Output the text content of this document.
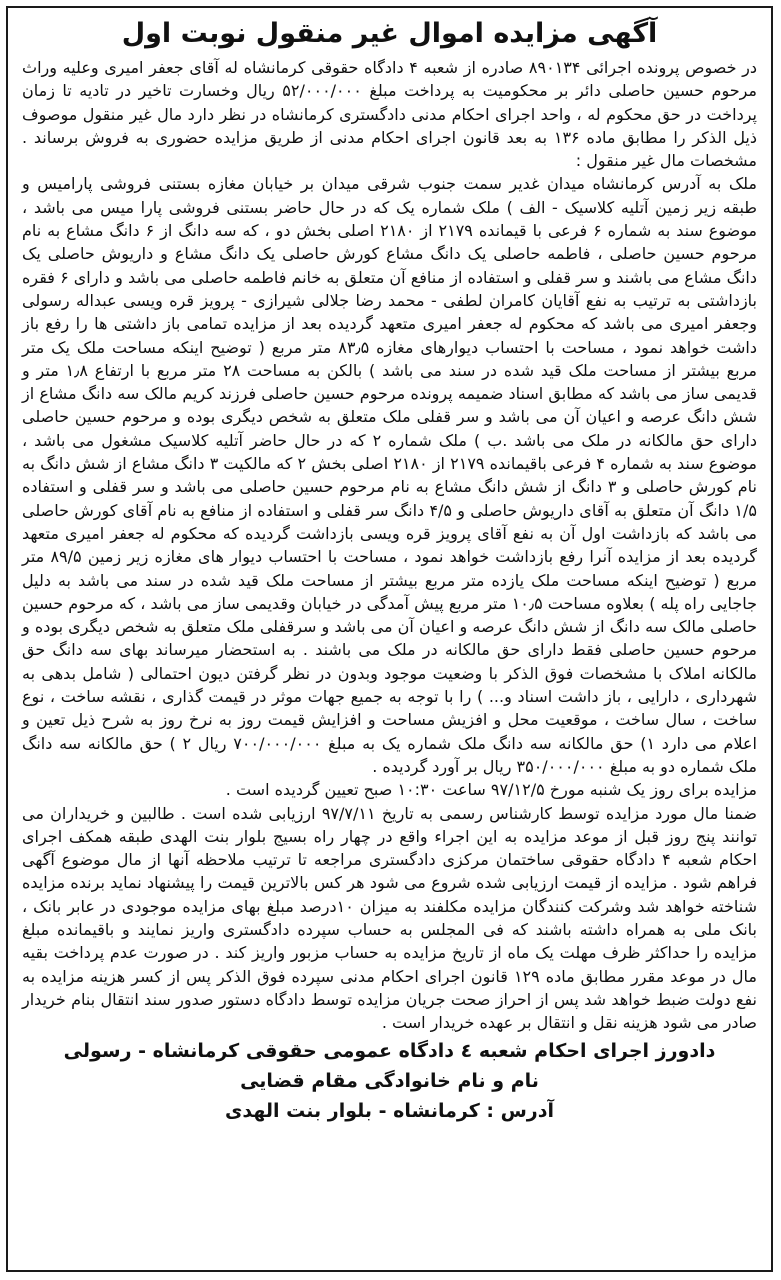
آگهی مزایده اموال غیر منقول نوبت اول

در خصوص پرونده اجرائی ۸۹۰۱۳۴ صادره از شعبه ۴ دادگاه حقوقی کرمانشاه له آقای جعفر امیری وعلیه وراث مرحوم حسین حاصلی دائر بر محکومیت به پرداخت مبلغ ۵۲/۰۰۰/۰۰۰ ریال وخسارت تاخیر در تادیه تا زمان پرداخت در حق محکوم له ، واحد اجرای احکام مدنی دادگستری کرمانشاه در نظر دارد مال غیر منقول موصوف ذیل الذکر را مطابق ماده ۱۳۶ به بعد قانون اجرای احکام مدنی از طریق مزایده حضوری به فروش برساند . مشخصات مال غیر منقول :

ملک به آدرس کرمانشاه میدان غدیر سمت جنوب شرقی میدان بر خیابان مغازه بستنی فروشی پارامیس و طبقه زیر زمین آتلیه کلاسیک - الف ) ملک شماره یک که در حال حاضر بستنی فروشی پارا میس می باشد ، موضوع سند به شماره ۶ فرعی با قیمانده ۲۱۷۹ از ۲۱۸۰ اصلی بخش دو ، که سه دانگ از ۶ دانگ مشاع به نام مرحوم حسین حاصلی ، فاطمه حاصلی یک دانگ مشاع کورش حاصلی یک دانگ مشاع و داریوش حاصلی یک دانگ مشاع می باشند و سر قفلی و استفاده از منافع آن متعلق به خانم فاطمه حاصلی می باشد و دارای ۶ فقره بازداشتی به ترتیب به نفع آقایان کامران لطفی - محمد رضا جلالی شیرازی - پرویز قره ویسی عبداله رسولی وجعفر امیری می باشد که محکوم له جعفر امیری متعهد گردیده بعد از مزایده تمامی باز داشتی ها را رفع باز داشت خواهد نمود ، مساحت با احتساب دیوارهای مغازه ۸۳٫۵ متر مربع ( توضیح اینکه مساحت ملک یک متر مربع بیشتر از مساحت ملک قید شده در سند می باشد ) بالکن به مساحت ۲۸ متر مربع با ارتفاع ۱٫۸ متر و قدیمی ساز می باشد که مطابق اسناد ضمیمه پرونده مرحوم حسین حاصلی فرزند کریم مالک سه دانگ مشاع از شش دانگ عرصه و اعیان آن می باشد و سر قفلی ملک متعلق به شخص دیگری بوده و مرحوم حسین حاصلی دارای حق مالکانه در ملک می باشد .ب ) ملک شماره ۲ که در حال حاضر آتلیه کلاسیک مشغول می باشد ، موضوع سند به شماره ۴ فرعی باقیمانده ۲۱۷۹ از ۲۱۸۰ اصلی بخش ۲ که مالکیت ۳ دانگ مشاع از شش دانگ به نام کورش حاصلی و ۳ دانگ از شش دانگ مشاع به نام مرحوم حسین حاصلی می باشد و سر قفلی و استفاده ۱/۵ دانگ آن متعلق به آقای داریوش حاصلی و ۴/۵ دانگ سر قفلی و استفاده از منافع به نام آقای کورش حاصلی می باشد که بازداشت اول آن به نفع آقای پرویز قره ویسی بازداشت گردیده که محکوم له جعفر امیری متعهد گردیده بعد از مزایده آنرا رفع بازداشت خواهد نمود ، مساحت با احتساب دیوار های مغازه زیر زمین ۸۹/۵ متر مربع ( توضیح اینکه مساحت ملک یازده متر مربع بیشتر از مساحت ملک قید شده در سند می باشد به دلیل جاجایی راه پله ) بعلاوه مساحت ۱۰٫۵ متر مربع پیش آمدگی در خیابان وقدیمی ساز می باشد ، که مرحوم حسین حاصلی مالک سه دانگ از شش دانگ عرصه و اعیان آن می باشد و سرقفلی ملک متعلق به شخص دیگری بوده و مرحوم حسین حاصلی فقط دارای حق مالکانه در ملک می باشند . به استحضار میرساند بهای سه دانگ حق مالکانه املاک با مشخصات فوق الذکر با وضعیت موجود وبدون در نظر گرفتن دیون احتمالی ( شامل بدهی به شهرداری ، دارایی ، باز داشت اسناد و... ) را با توجه به جمیع جهات موثر در قیمت گذاری ، نقشه ساخت ، نوع ساخت ، سال ساخت ، موقعیت محل و افزیش مساحت و افزایش قیمت روز به نرخ روز به شرح ذیل تعین و اعلام می دارد ۱) حق مالکانه سه دانگ ملک شماره یک به مبلغ ۷۰۰/۰۰۰/۰۰۰ ریال ۲ ) حق مالکانه سه دانگ ملک شماره دو به مبلغ ۳۵۰/۰۰۰/۰۰۰ ریال بر آورد گردیده .

مزایده برای روز یک شنبه مورخ ۹۷/۱۲/۵ ساعت ۱۰:۳۰ صبح تعیین گردیده است .

ضمنا مال مورد مزایده توسط کارشناس رسمی به تاریخ ۹۷/۷/۱۱ ارزیابی شده است . طالبین و خریداران می توانند پنج روز قبل از موعد مزایده به این اجراء واقع در چهار راه بسیج بلوار بنت الهدی طبقه همکف اجرای احکام شعبه ۴ دادگاه حقوقی ساختمان مرکزی دادگستری مراجعه تا ترتیب ملاحظه آنها از مال موضوع آگهی فراهم شود . مزایده از قیمت ارزیابی شده شروع می شود هر کس بالاترین قیمت را پیشنهاد نماید برنده مزایده شناخته خواهد شد وشرکت کنندگان مزایده مکلفند به میزان ۱۰درصد مبلغ بهای مزایده موجودی در عابر بانک ، بانک ملی به همراه داشته باشند که فی المجلس به حساب سپرده دادگستری واریز نمایند و باقیمانده مبلغ مزایده را حداکثر ظرف مهلت یک ماه از تاریخ مزایده به حساب مزبور واریز کند . در صورت عدم پرداخت بقیه مال در موعد مقرر مطابق ماده ۱۲۹ قانون اجرای احکام مدنی سپرده فوق الذکر پس از کسر هزینه مزایده به نفع دولت ضبط خواهد شد پس از احراز صحت جریان مزایده توسط دادگاه دستور صدور سند انتقال بنام خریدار صادر می شود هزینه نقل و انتقال بر عهده خریدار است .

دادورز اجرای احکام شعبه ٤ دادگاه عمومی حقوقی کرمانشاه - رسولی
نام و نام خانوادگی مقام قضایی
آدرس : کرمانشاه - بلوار بنت الهدی
